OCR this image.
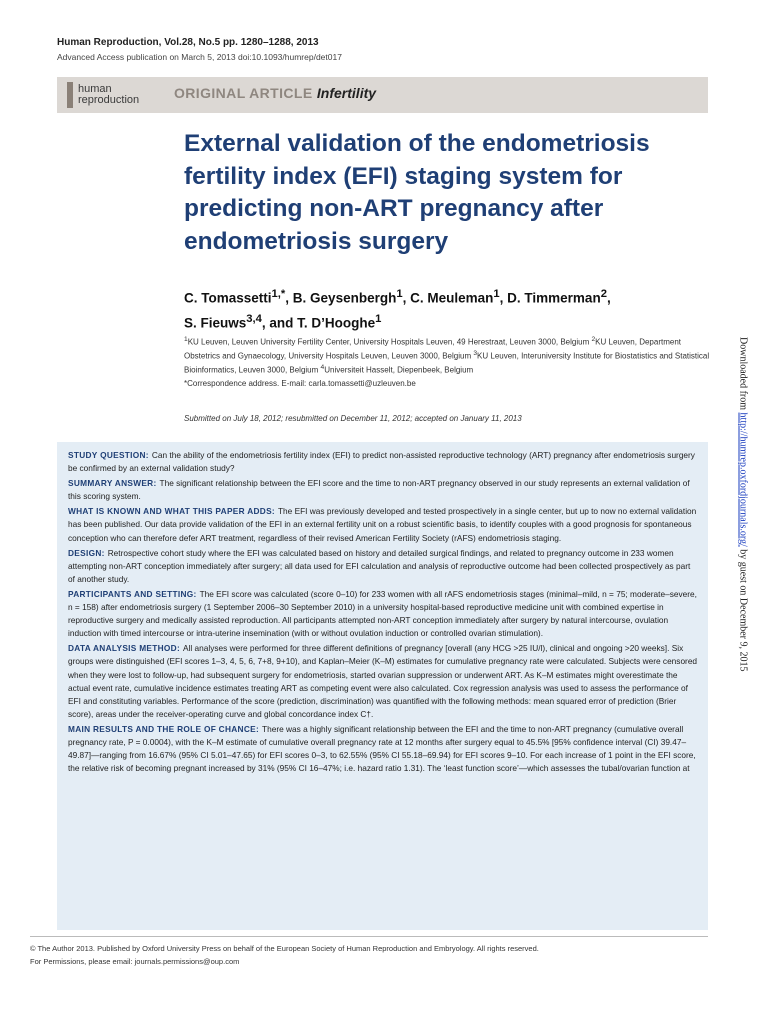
Human Reproduction, Vol.28, No.5 pp. 1280–1288, 2013
Advanced Access publication on March 5, 2013 doi:10.1093/humrep/det017
human
reproduction ORIGINAL ARTICLE Infertility
External validation of the endometriosis fertility index (EFI) staging system for predicting non-ART pregnancy after endometriosis surgery
C. Tomassetti$^{1,*}$, B. Geysenbergh$^1$, C. Meuleman$^1$, D. Timmerman$^2$,
S. Fieuws$^{3,4}$, and T. D’Hooghe$^1$

$^1$KU Leuven, Leuven University Fertility Center, University Hospitals Leuven, 49 Herestraat, Leuven 3000, Belgium $^2$KU Leuven, Department Obstetrics and Gynaecology, University Hospitals Leuven, Leuven 3000, Belgium $^3$KU Leuven, Interuniversity Institute for Biostatistics and Statistical Bioinformatics, Leuven 3000, Belgium $^4$Universiteit Hasselt, Diepenbeek, Belgium

*Correspondence address. E-mail: carla.tomassetti@uzleuven.be
Submitted on July 18, 2012; resubmitted on December 11, 2012; accepted on January 11, 2013

STUDY QUESTION: Can the ability of the endometriosis fertility index (EFI) to predict non-assisted reproductive technology (ART) pregnancy after endometriosis surgery be confirmed by an external validation study?

SUMMARY ANSWER: The significant relationship between the EFI score and the time to non-ART pregnancy observed in our study represents an external validation of this scoring system.

WHAT IS KNOWN AND WHAT THIS PAPER ADDS: The EFI was previously developed and tested prospectively in a single center, but up to now no external validation has been published. Our data provide validation of the EFI in an external fertility unit on a robust scientific basis, to identify couples with a good prognosis for spontaneous conception who can therefore defer ART treatment, regardless of their revised American Fertility Society (rAFS) endometriosis staging.

DESIGN: Retrospective cohort study where the EFI was calculated based on history and detailed surgical findings, and related to pregnancy outcome in 233 women attempting non-ART conception immediately after surgery; all data used for EFI calculation and analysis of reproductive outcome had been collected prospectively as part of another study.

PARTICIPANTS AND SETTING: The EFI score was calculated (score 0–10) for 233 women with all rAFS endometriosis stages (minimal–mild, n = 75; moderate–severe, n = 158) after endometriosis surgery (1 September 2006–30 September 2010) in a university hospital-based reproductive medicine unit with combined expertise in reproductive surgery and medically assisted reproduction. All participants attempted non-ART conception immediately after surgery by natural intercourse, ovulation induction with timed intercourse or intra-uterine insemination (with or without ovulation induction or controlled ovarian stimulation).

DATA ANALYSIS METHOD: All analyses were performed for three different definitions of pregnancy [overall (any HCG >25 IU/l), clinical and ongoing >20 weeks]. Six groups were distinguished (EFI scores 1–3, 4, 5, 6, 7+8, 9+10), and Kaplan–Meier (K–M) estimates for cumulative pregnancy rate were calculated. Subjects were censored when they were lost to follow-up, had subsequent surgery for endometriosis, started ovarian suppression or underwent ART. As K–M estimates might overestimate the actual event rate, cumulative incidence estimates treating ART as competing event were also calculated. Cox regression analysis was used to assess the performance of EFI and constituting variables. Performance of the score (prediction, discrimination) was quantified with the following methods: mean squared error of prediction (Brier score), areas under the receiver-operating curve and global concordance index C†.

MAIN RESULTS AND THE ROLE OF CHANCE: There was a highly significant relationship between the EFI and the time to non-ART pregnancy (cumulative overall pregnancy rate, P = 0.0004), with the K–M estimate of cumulative overall pregnancy rate at 12 months after surgery equal to 45.5% [95% confidence interval (CI) 39.47–49.87]—ranging from 16.67% (95% CI 5.01–47.65) for EFI scores 0–3, to 62.55% (95% CI 55.18–69.94) for EFI scores 9–10. For each increase of 1 point in the EFI score, the relative risk of becoming pregnant increased by 31% (95% CI 16–47%; i.e. hazard ratio 1.31). The ‘least function score’—which assesses the tubal/ovarian function at

© The Author 2013. Published by Oxford University Press on behalf of the European Society of Human Reproduction and Embryology. All rights reserved.
For Permissions, please email: journals.permissions@oup.com
Downloaded from http://humrep.oxfordjournals.org/ by guest on December 9, 2015
